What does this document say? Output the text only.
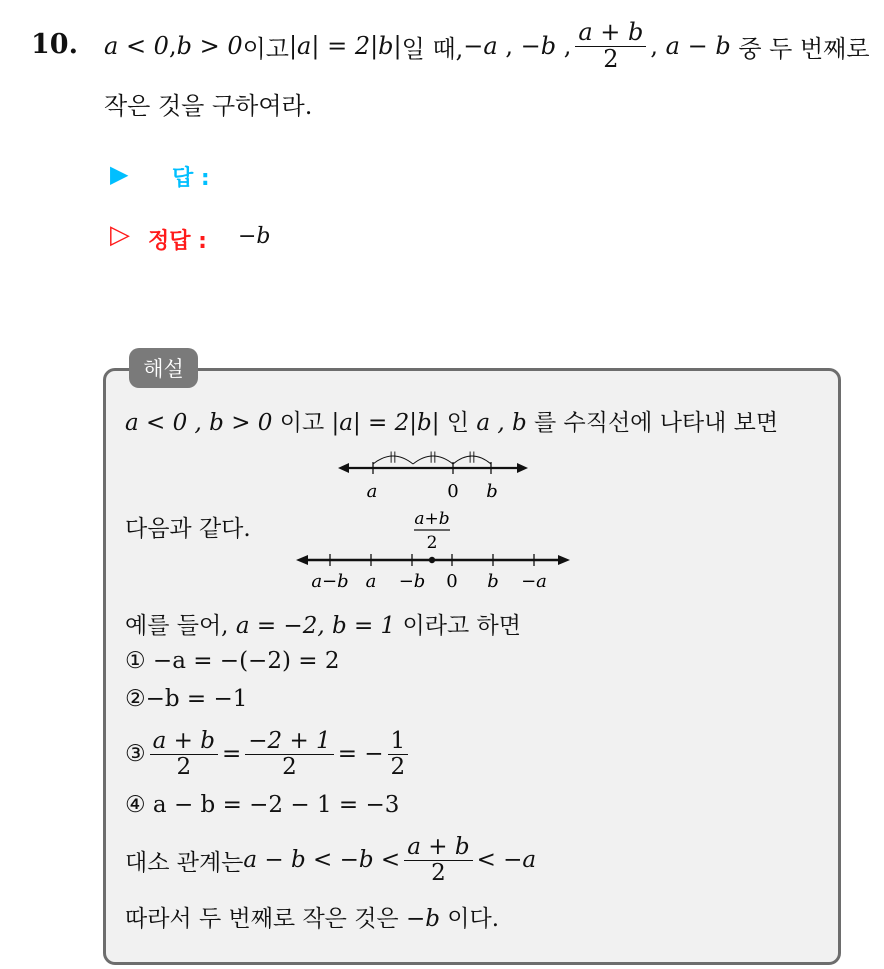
10. a < 0 , b > 0 이고 |a| = 2|b| 일 때, −a , −b , $\frac{a + b}{2}$ , a − b
중 두 번째로
작은 것을 구하여라.
▶ 답 :
▷ 정답 : −b
해설
a < 0 , b > 0 이고 |a| = 2|b| 인 a , b 를 수직선에 나타내 보면
||	||	||
a	0 b
다음과 같다.	a+b
2
a−b a −b 0 b −a
예를 들어, a = −2, b = 1 이라고 하면
① −a = −(−2) = 2
②−b = −1
③ $\frac{a + b}{2} = \frac{-2 + 1}{2}$ = − $\frac{1}{2}$
④ a − b = −2 − 1 = −3
대소 관계는 $a - b < -b < \frac{a + b}{2} < -a$
따라서 두 번째로 작은 것은 −b 이다.
